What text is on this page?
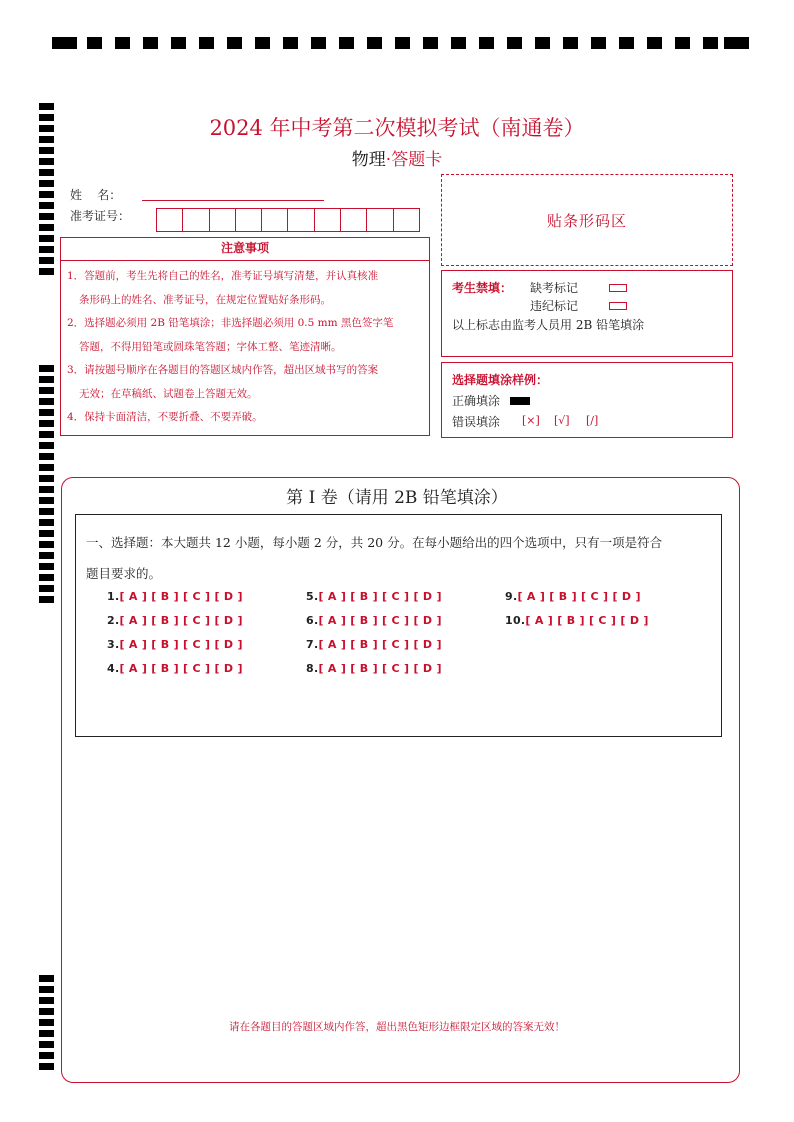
2024 年中考第二次模拟考试（南通卷）
物理·答题卡
姓    名：
准考证号：	贴条形码区
注意事项

1．答题前，考生先将自己的姓名，准考证号填写清楚，并认真核准

条形码上的姓名、准考证号，在规定位置贴好条形码。

2．选择题必须用 2B 铅笔填涂；非选择题必须用 0.5 mm 黑色签字笔

答题，不得用铅笔或圆珠笔答题；字体工整、笔迹清晰。

3．请按题号顺序在各题目的答题区域内作答，超出区域书写的答案

无效；在草稿纸、试题卷上答题无效。

4．保持卡面清洁，不要折叠、不要弄破。

考生禁填： 缺考标记
违纪标记
以上标志由监考人员用 2B 铅笔填涂
选择题填涂样例：
正确填涂
错误填涂 [×] [√] [/]
第 I 卷（请用 2B 铅笔填涂）
一、选择题：本大题共 12 小题，每小题 2 分，共 20 分。在每小题给出的四个选项中，只有一项是符合
题目要求的。
1.[ A ] [ B ] [ C ] [ D ]
2.[ A ] [ B ] [ C ] [ D ]
3.[ A ] [ B ] [ C ] [ D ]
4.[ A ] [ B ] [ C ] [ D ]
5.[ A ] [ B ] [ C ] [ D ]
6.[ A ] [ B ] [ C ] [ D ]
7.[ A ] [ B ] [ C ] [ D ]
8.[ A ] [ B ] [ C ] [ D ]
9.[ A ] [ B ] [ C ] [ D ]
10.[ A ] [ B ] [ C ] [ D ]
请在各题目的答题区域内作答，超出黑色矩形边框限定区域的答案无效！
